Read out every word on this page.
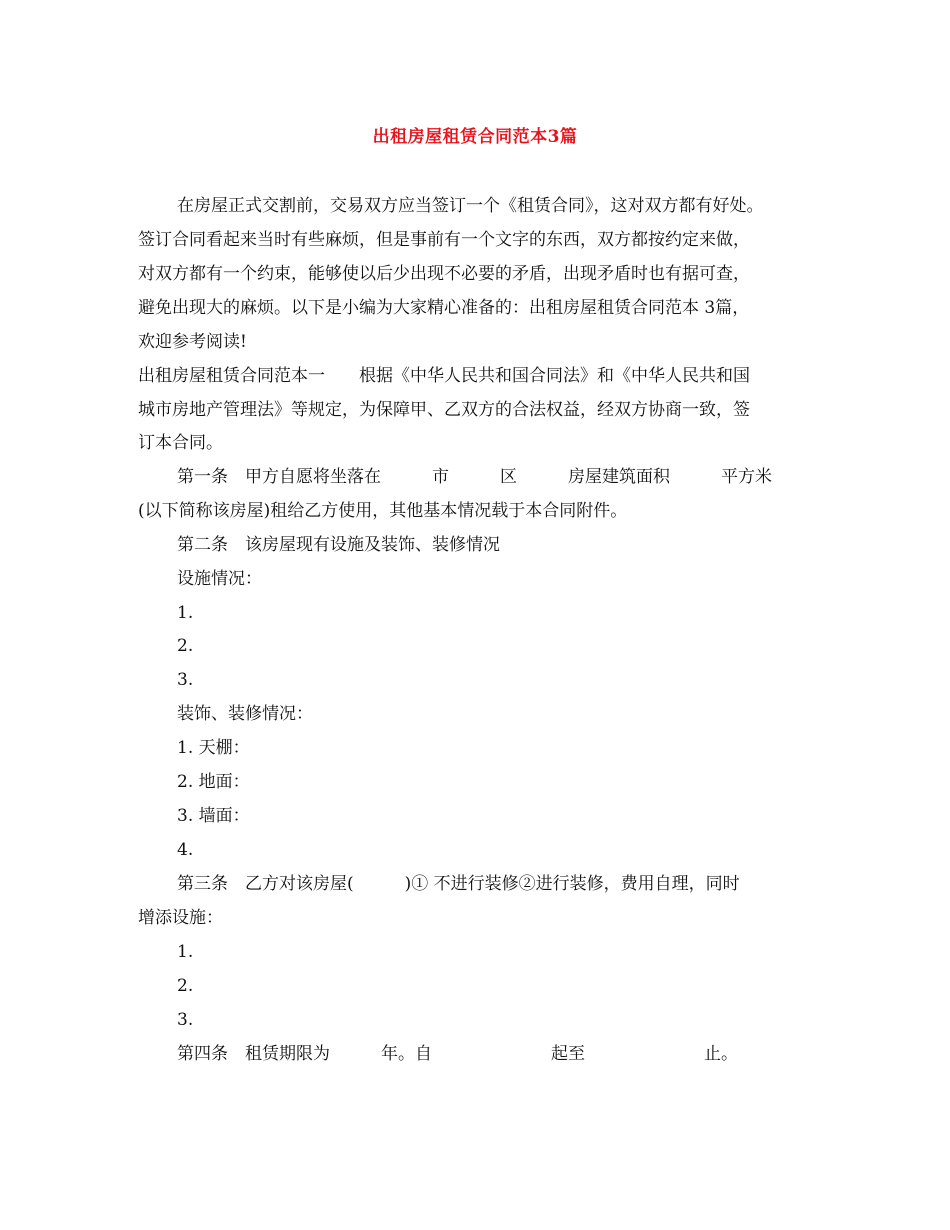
出租房屋租赁合同范本3篇
在房屋正式交割前，交易双方应当签订一个《租赁合同》，这对双方都有好处。
签订合同看起来当时有些麻烦，但是事前有一个文字的东西，双方都按约定来做，
对双方都有一个约束，能够使以后少出现不必要的矛盾，出现矛盾时也有据可查，
避免出现大的麻烦。以下是小编为大家精心准备的：出租房屋租赁合同范本 3篇，
欢迎参考阅读!
出租房屋租赁合同范本一　　根据《中华人民共和国合同法》和《中华人民共和国
城市房地产管理法》等规定，为保障甲、乙双方的合法权益，经双方协商一致，签
订本合同。
第一条　甲方自愿将坐落在　　　市　　　区　　　房屋建筑面积　　　平方米
(以下简称该房屋)租给乙方使用，其他基本情况载于本合同附件。
第二条　该房屋现有设施及装饰、装修情况
设施情况：
1.
2.
3.
装饰、装修情况：
1. 天棚：
2. 地面：
3. 墙面：
4.
第三条　乙方对该房屋(　　　)① 不进行装修②进行装修，费用自理，同时
增添设施：
1.
2.
3.
第四条　租赁期限为　　　年。自　　　　　　　起至　　　　　　　止。
